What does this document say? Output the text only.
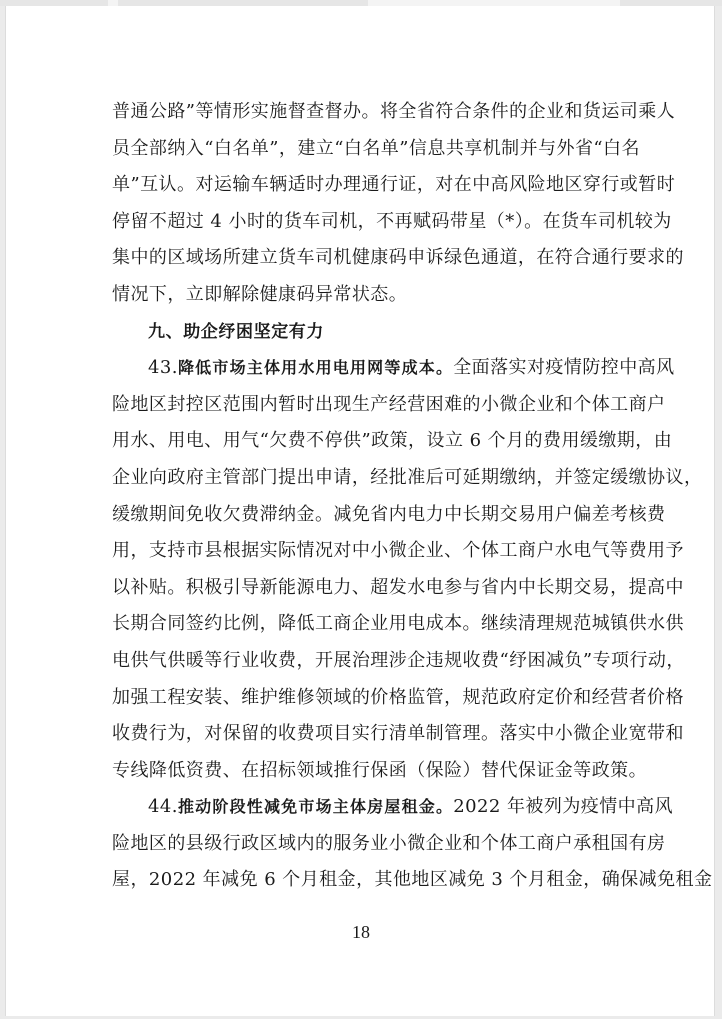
普通公路”等情形实施督查督办。将全省符合条件的企业和货运司乘人
员全部纳入“白名单”，建立“白名单”信息共享机制并与外省“白名
单”互认。对运输车辆适时办理通行证，对在中高风险地区穿行或暂时
停留不超过 4 小时的货车司机，不再赋码带星（*）。在货车司机较为
集中的区域场所建立货车司机健康码申诉绿色通道，在符合通行要求的
情况下，立即解除健康码异常状态。
九、助企纾困坚定有力
43.降低市场主体用水用电用网等成本。全面落实对疫情防控中高风
险地区封控区范围内暂时出现生产经营困难的小微企业和个体工商户
用水、用电、用气“欠费不停供”政策，设立 6 个月的费用缓缴期，由
企业向政府主管部门提出申请，经批准后可延期缴纳，并签定缓缴协议，
缓缴期间免收欠费滞纳金。减免省内电力中长期交易用户偏差考核费
用，支持市县根据实际情况对中小微企业、个体工商户水电气等费用予
以补贴。积极引导新能源电力、超发水电参与省内中长期交易，提高中
长期合同签约比例，降低工商企业用电成本。继续清理规范城镇供水供
电供气供暖等行业收费，开展治理涉企违规收费“纾困减负”专项行动，
加强工程安装、维护维修领域的价格监管，规范政府定价和经营者价格
收费行为，对保留的收费项目实行清单制管理。落实中小微企业宽带和
专线降低资费、在招标领域推行保函（保险）替代保证金等政策。
44.推动阶段性减免市场主体房屋租金。2022 年被列为疫情中高风
险地区的县级行政区域内的服务业小微企业和个体工商户承租国有房
屋，2022 年减免 6 个月租金，其他地区减免 3 个月租金，确保减免租金
18
